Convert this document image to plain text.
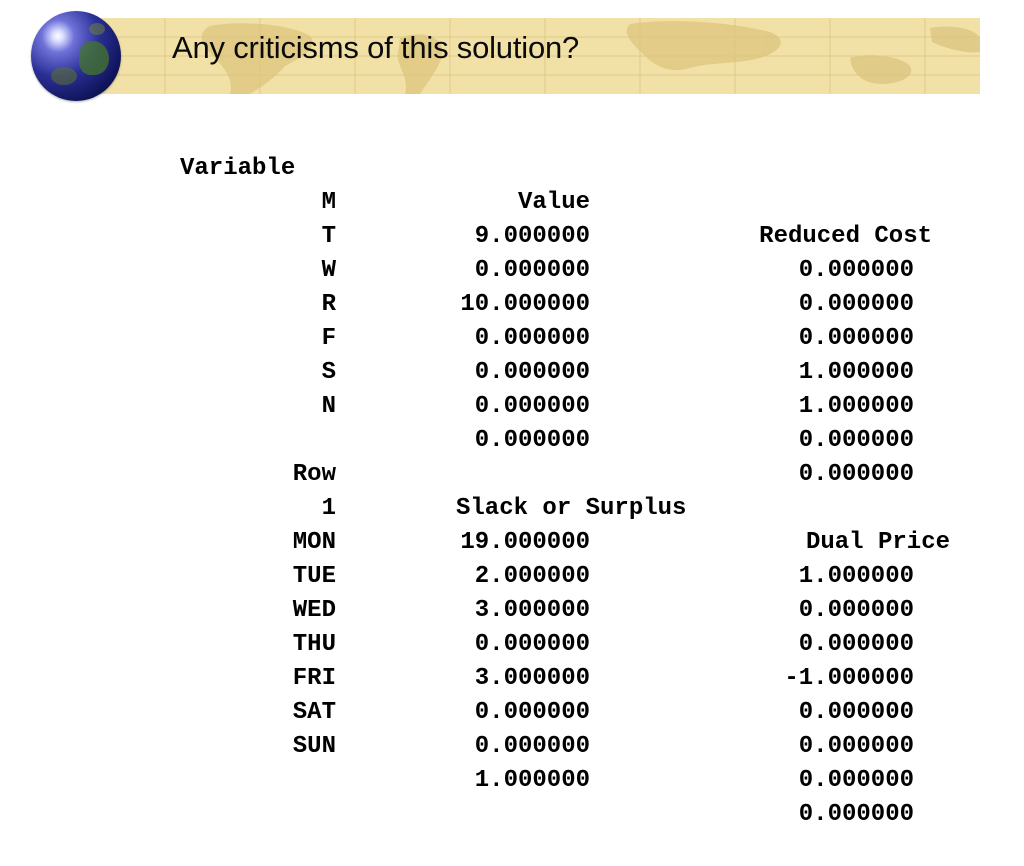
Any criticisms of this solution?

Variable

Value

Reduced Cost

M

9.000000

0.000000

T

0.000000

0.000000

W

10.000000

0.000000

R

0.000000

1.000000

F

0.000000

1.000000

S

0.000000

0.000000

N

0.000000

0.000000

Row

Slack or Surplus

Dual Price

1

19.000000

1.000000

MON

2.000000

0.000000

TUE

3.000000

0.000000

WED

0.000000

-1.000000

THU

3.000000

0.000000

FRI

0.000000

0.000000

SAT

0.000000

0.000000

SUN

1.000000

0.000000
